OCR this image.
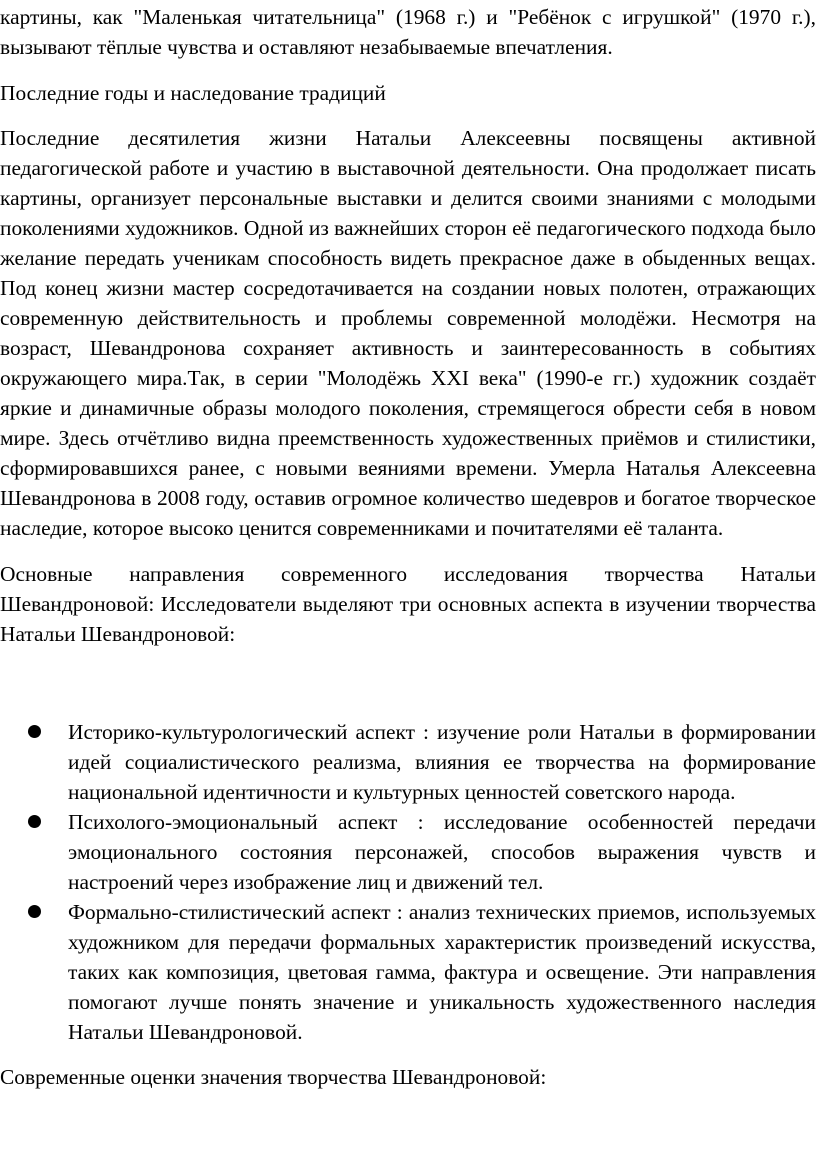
картины, как "Маленькая читательница" (1968 г.) и "Ребёнок с игрушкой" (1970 г.), вызывают тёплые чувства и оставляют незабываемые впечатления.

Последние годы и наследование традиций

Последние десятилетия жизни Натальи Алексеевны посвящены активной педагогической работе и участию в выставочной деятельности. Она продолжает писать картины, организует персональные выставки и делится своими знаниями с молодыми поколениями художников. Одной из важнейших сторон её педагогического подхода было желание передать ученикам способность видеть прекрасное даже в обыденных вещах. Под конец жизни мастер сосредотачивается на создании новых полотен, отражающих современную действительность и проблемы современной молодёжи. Несмотря на возраст, Шевандронова сохраняет активность и заинтересованность в событиях окружающего мира.Так, в серии "Молодёжь XXI века" (1990-е гг.) художник создаёт яркие и динамичные образы молодого поколения, стремящегося обрести себя в новом мире. Здесь отчётливо видна преемственность художественных приёмов и стилистики, сформировавшихся ранее, с новыми веяниями времени. Умерла Наталья Алексеевна Шевандронова в 2008 году, оставив огромное количество шедевров и богатое творческое наследие, которое высоко ценится современниками и почитателями её таланта.

Основные направления современного исследования творчества Натальи Шевандроновой: Исследователи выделяют три основных аспекта в изучении творчества Натальи Шевандроновой:

Историко-культурологический аспект : изучение роли Натальи в формировании идей социалистического реализма, влияния ее творчества на формирование национальной идентичности и культурных ценностей советского народа.
Психолого-эмоциональный аспект : исследование особенностей передачи эмоционального состояния персонажей, способов выражения чувств и настроений через изображение лиц и движений тел.
Формально-стилистический аспект : анализ технических приемов, используемых художником для передачи формальных характеристик произведений искусства, таких как композиция, цветовая гамма, фактура и освещение. Эти направления помогают лучше понять значение и уникальность художественного наследия Натальи Шевандроновой.

Современные оценки значения творчества Шевандроновой:
